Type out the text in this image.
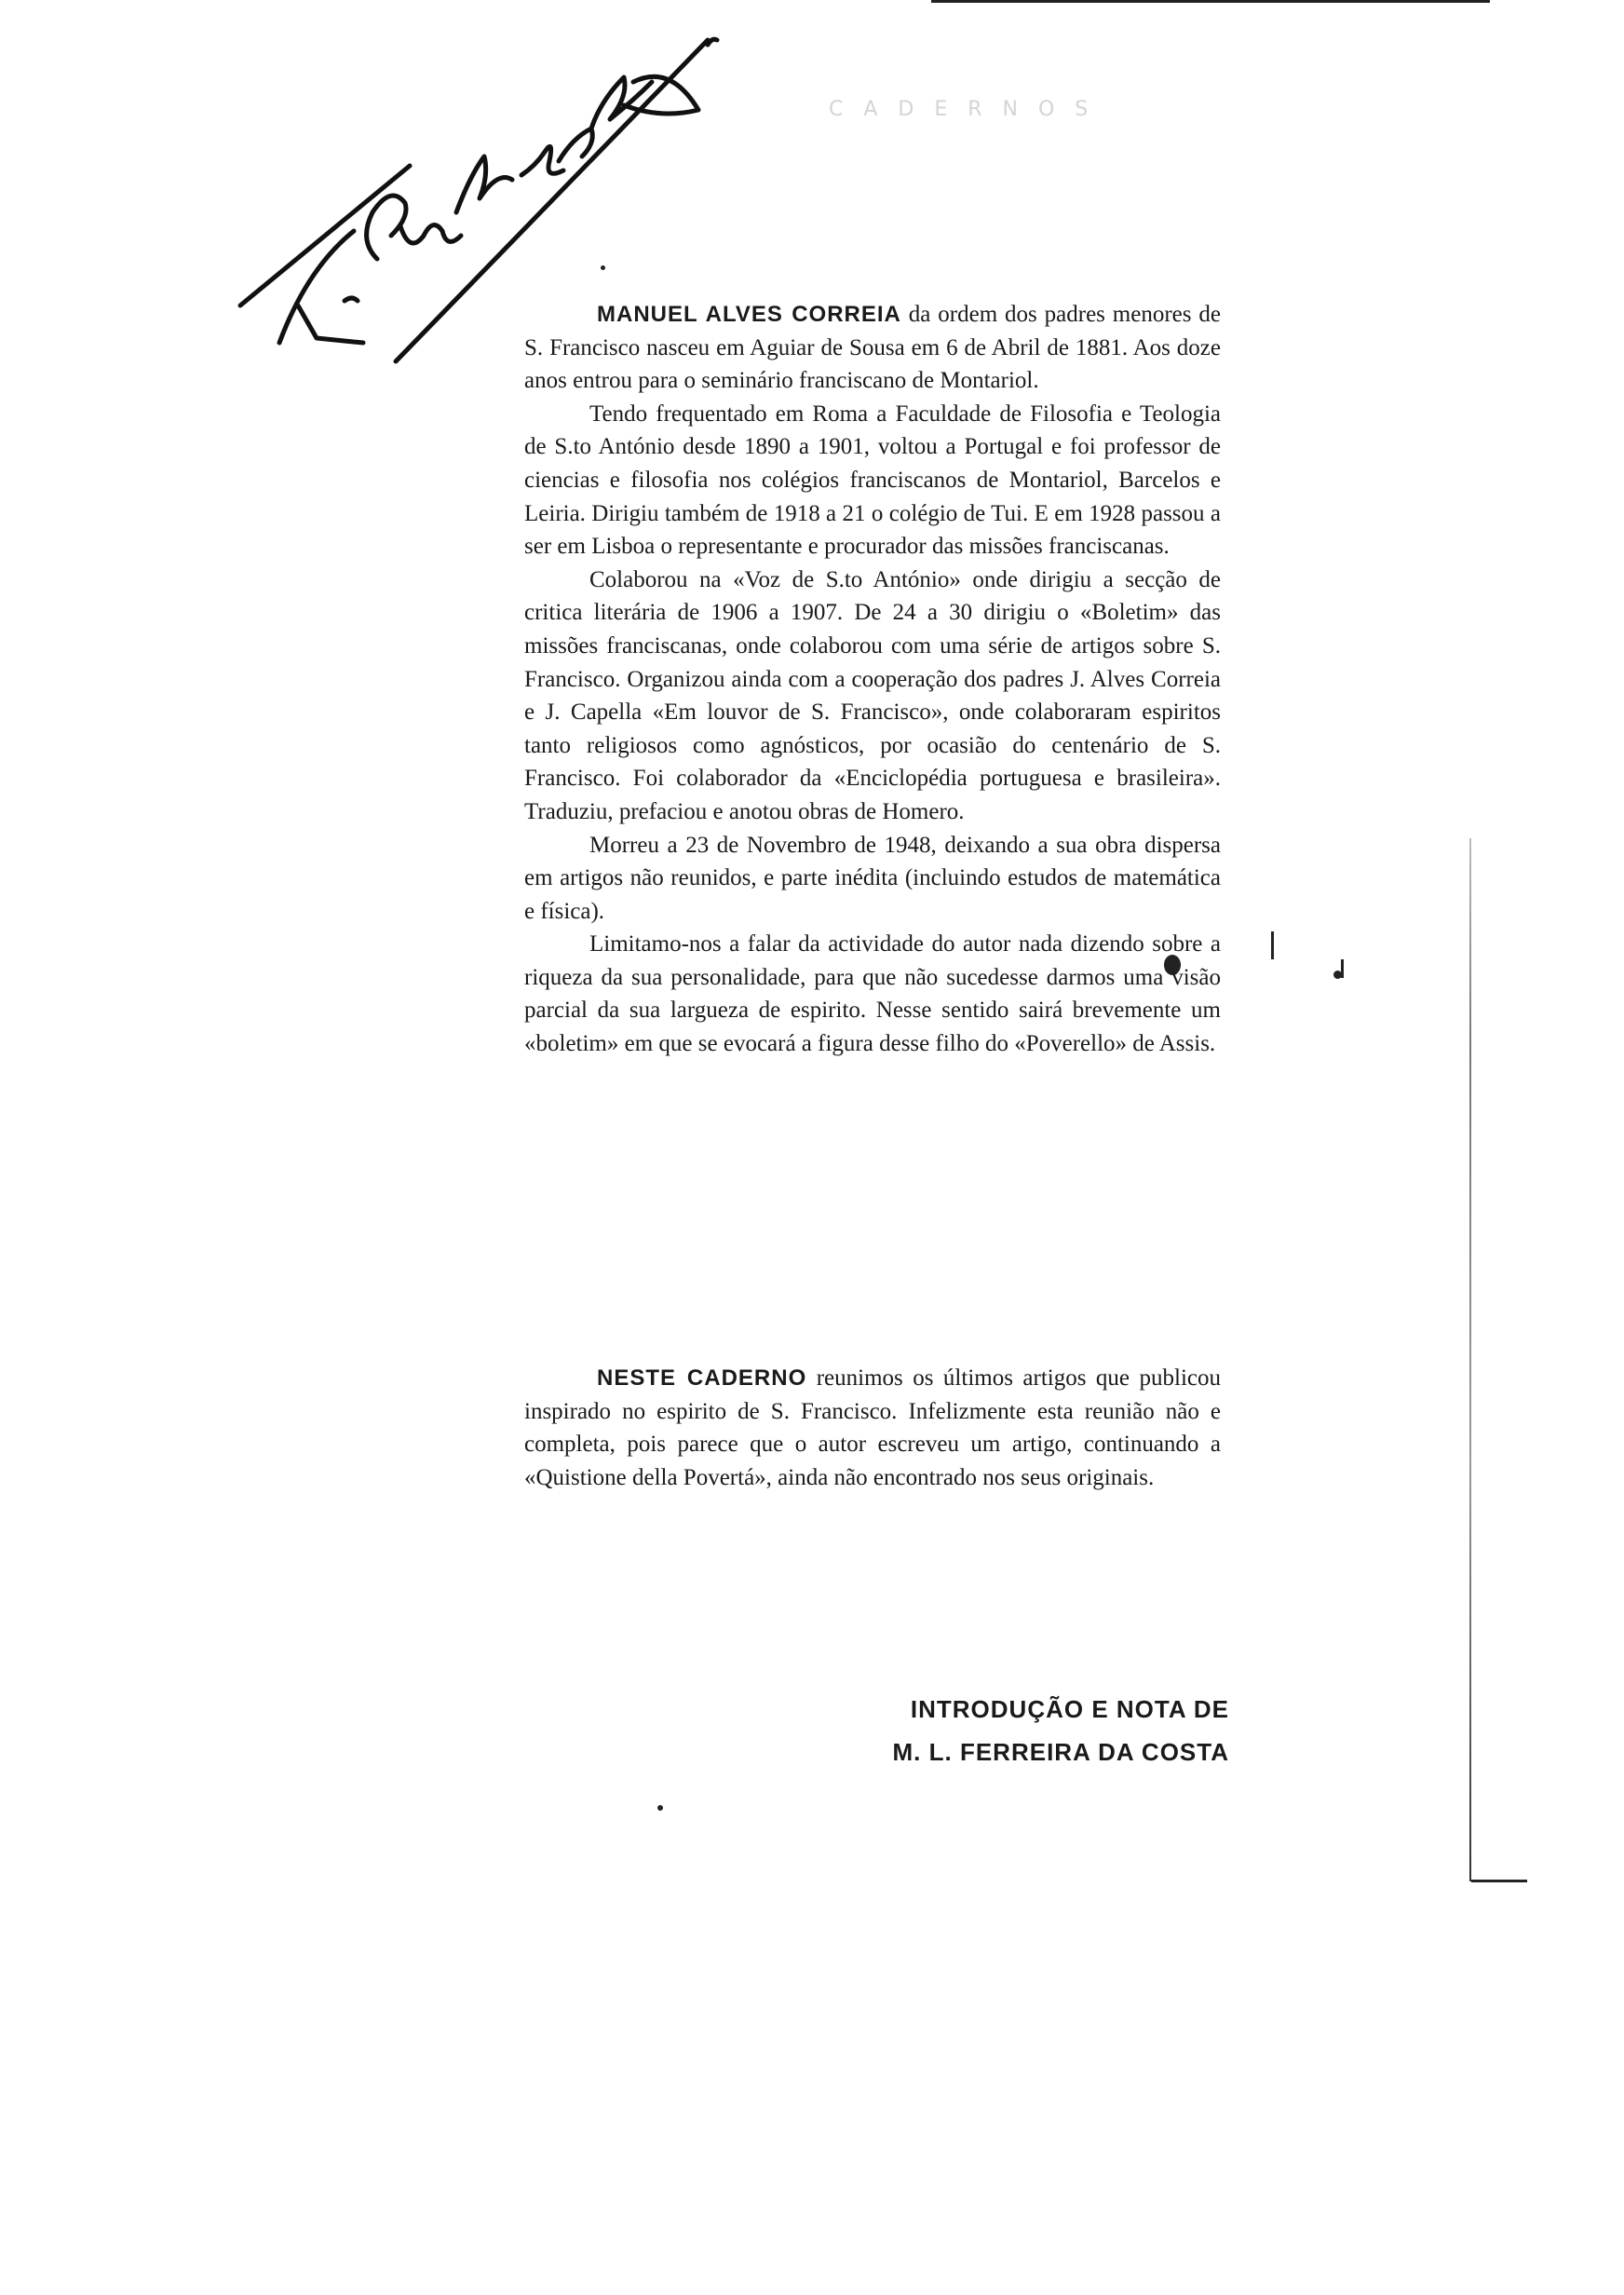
CADERNOS

MANUEL ALVES CORREIA da ordem dos padres menores de S. Francisco nasceu em Aguiar de Sousa em 6 de Abril de 1881. Aos doze anos entrou para o seminário franciscano de Montariol.

Tendo frequentado em Roma a Faculdade de Filosofia e Teologia de S.to António desde 1890 a 1901, voltou a Portugal e foi professor de ciencias e filosofia nos colégios franciscanos de Montariol, Barcelos e Leiria. Dirigiu também de 1918 a 21 o colégio de Tui. E em 1928 passou a ser em Lisboa o representante e procurador das missões franciscanas.

Colaborou na «Voz de S.to António» onde dirigiu a secção de critica literária de 1906 a 1907. De 24 a 30 dirigiu o «Boletim» das missões franciscanas, onde colaborou com uma série de artigos sobre S. Francisco. Organizou ainda com a cooperação dos padres J. Alves Correia e J. Capella «Em louvor de S. Francisco», onde colaboraram espiritos tanto religiosos como agnósticos, por ocasião do centenário de S. Francisco. Foi colaborador da «Enciclopédia portuguesa e brasileira». Traduziu, prefaciou e anotou obras de Homero.

Morreu a 23 de Novembro de 1948, deixando a sua obra dispersa em artigos não reunidos, e parte inédita (incluindo estudos de matemática e física).

Limitamo-nos a falar da actividade do autor nada dizendo sobre a riqueza da sua personalidade, para que não sucedesse darmos uma visão parcial da sua largueza de espirito. Nesse sentido sairá brevemente um «boletim» em que se evocará a figura desse filho do «Poverello» de Assis.

NESTE CADERNO reunimos os últimos artigos que publicou inspirado no espirito de S. Francisco. Infelizmente esta reunião não e completa, pois parece que o autor escreveu um artigo, continuando a «Quistione della Povertá», ainda não encontrado nos seus originais.

INTRODUÇÃO E NOTA DE
M. L. FERREIRA DA COSTA
